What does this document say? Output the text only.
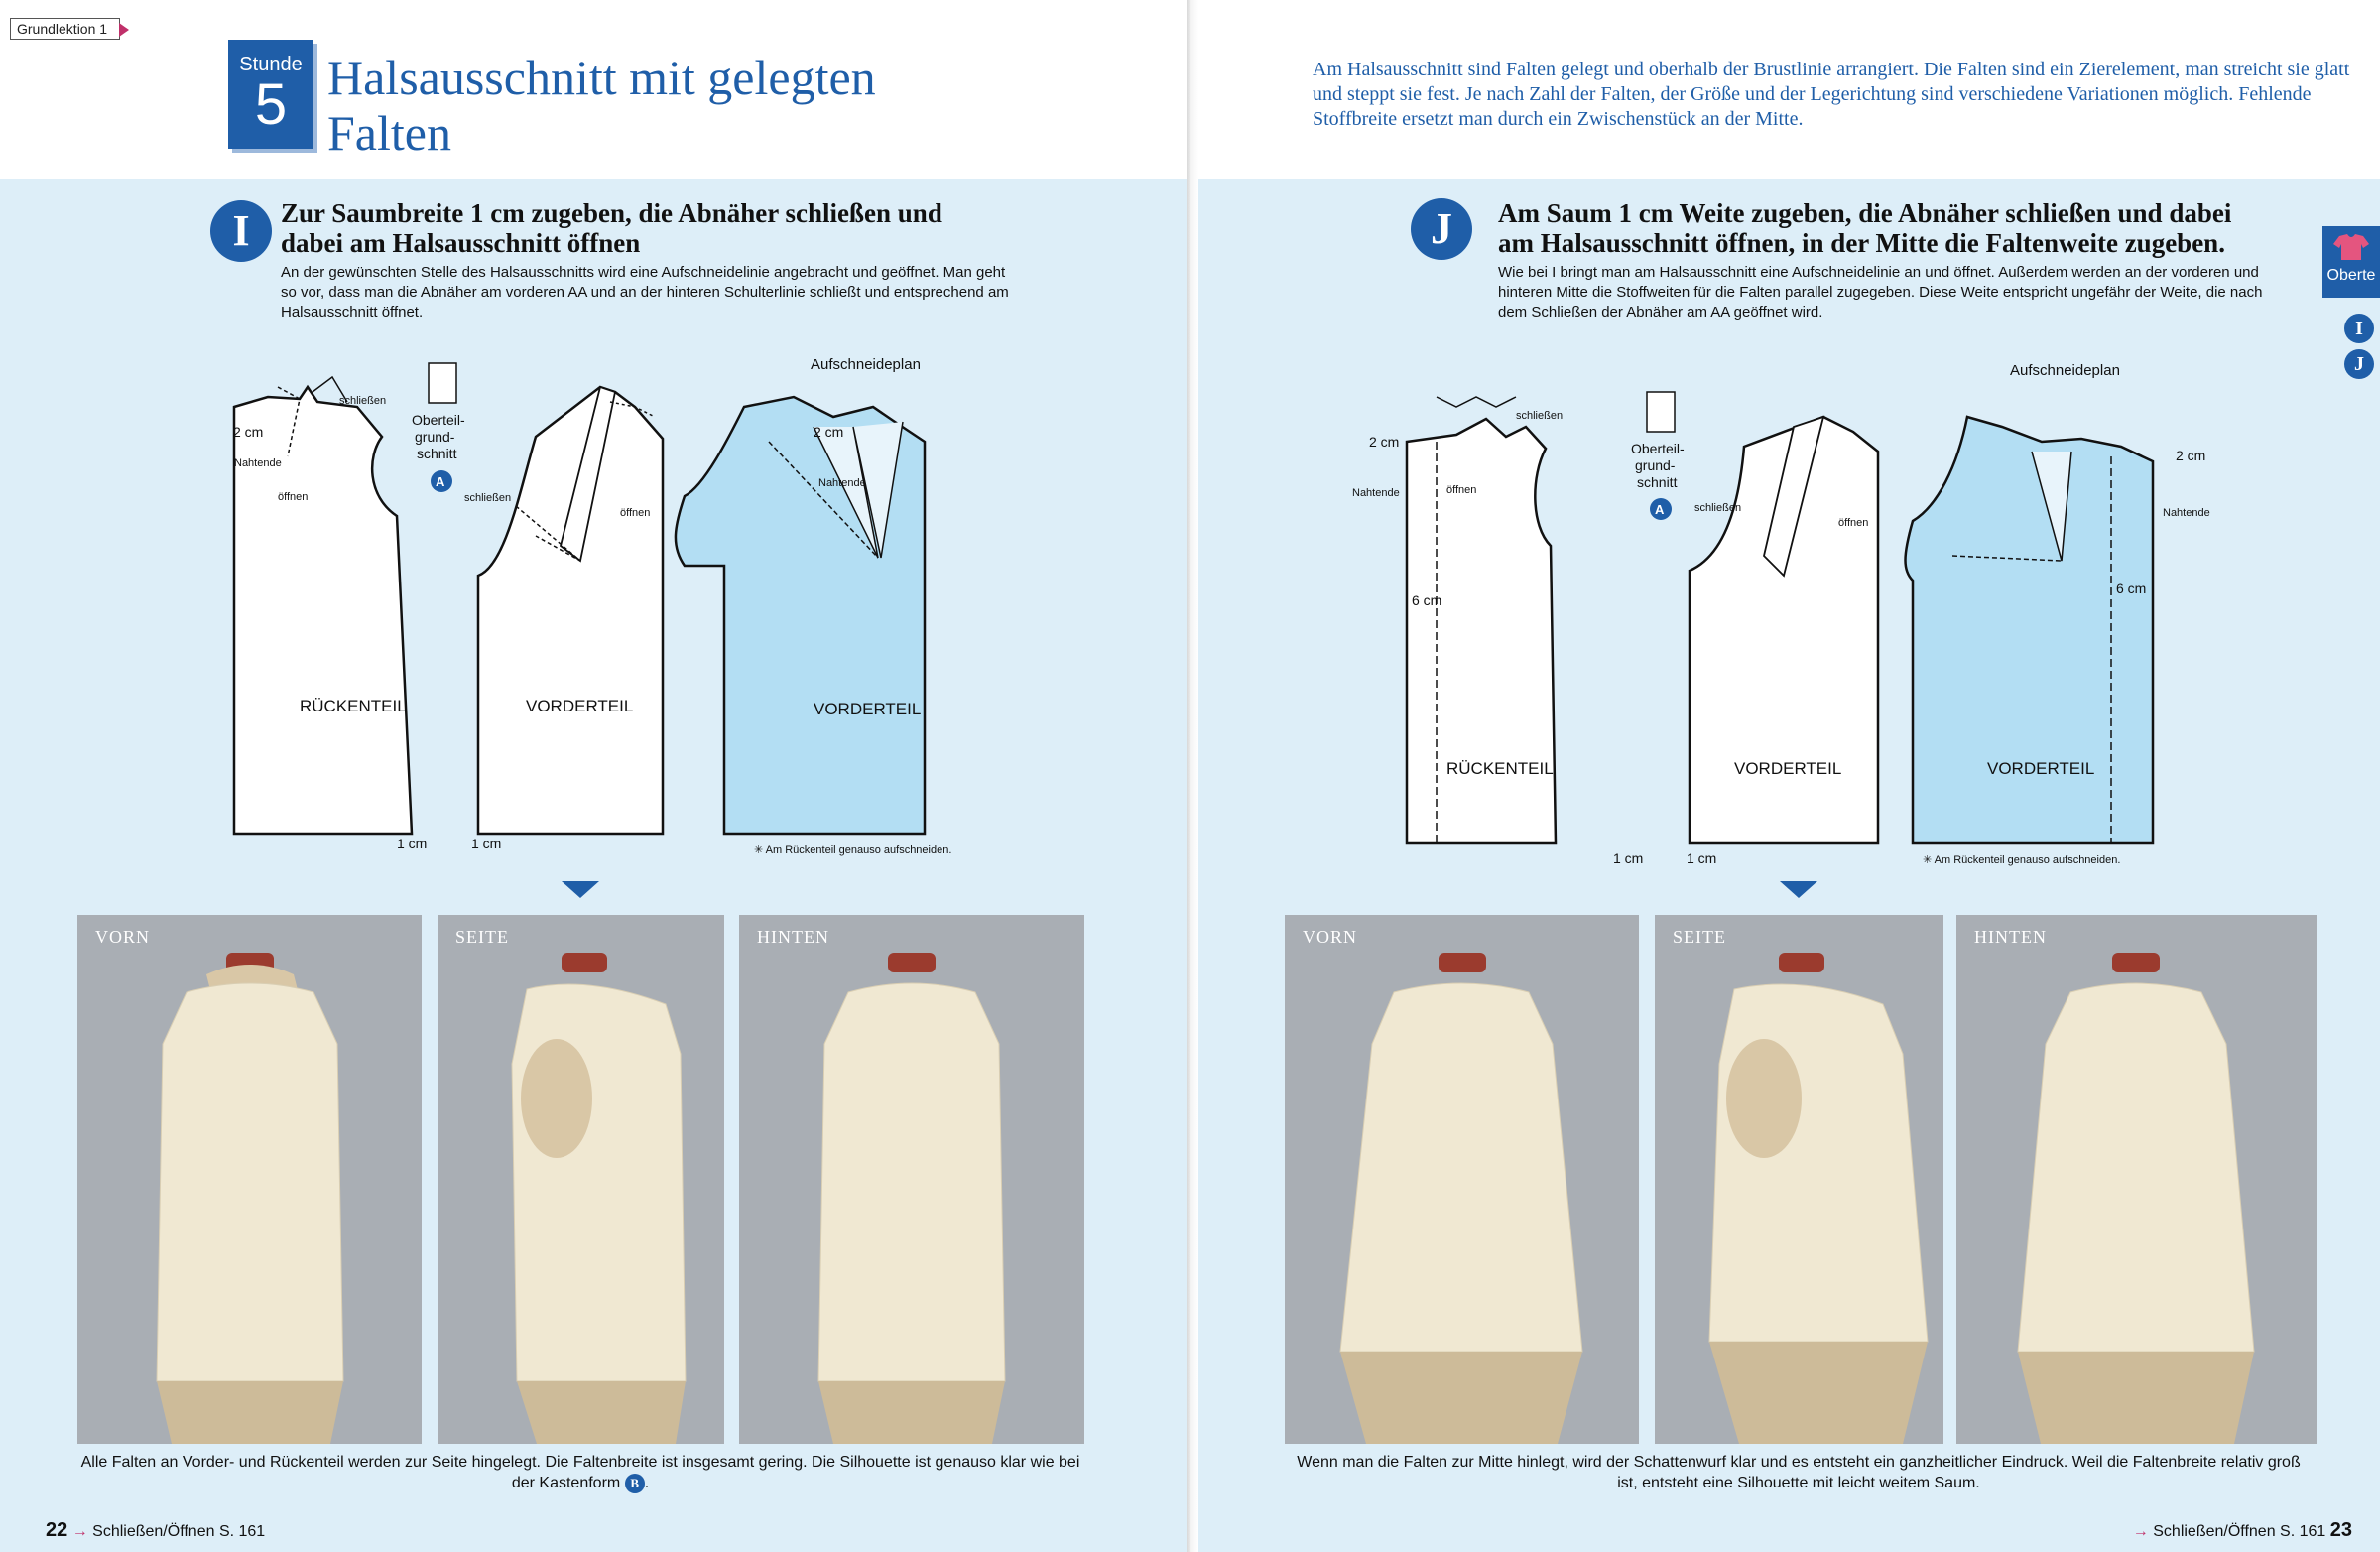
Grundlektion 1
Stunde
5 Halsausschnitt mit gelegten Falten
I	Zur Saumbreite 1 cm zugeben, die Abnäher schließen und dabei am Halsausschnitt öffnen
An der gewünschten Stelle des Halsausschnitts wird eine Aufschneidelinie angebracht und geöffnet. Man geht so vor, dass man die Abnäher am vorderen AA und an der hinteren Schulterlinie schließt und entsprechend am Halsausschnitt öffnet.
RÜCKENTEIL
schließen
2 cm
Nahtende
öffnen
1 cm
Oberteil-
grund-
schnitt
A
VORDERTEIL
schließen
öffnen
1 cm
Aufschneideplan
VORDERTEIL
2 cm
Nahtende
✳ Am Rückenteil genauso aufschneiden.
VORN	SEITE	HINTEN
Alle Falten an Vorder- und Rückenteil werden zur Seite hingelegt. Die Faltenbreite ist insgesamt gering. Die Silhouette ist genauso klar wie bei der Kastenform B .
22 → Schließen/Öffnen S. 161
Am Halsausschnitt sind Falten gelegt und oberhalb der Brustlinie arrangiert. Die Falten sind ein Zierelement, man streicht sie glatt und steppt sie fest. Je nach Zahl der Falten, der Größe und der Legerichtung sind verschiedene Variationen möglich. Fehlende Stoffbreite ersetzt man durch ein Zwischenstück an der Mitte.
J	Am Saum 1 cm Weite zugeben, die Abnäher schließen und dabei am Halsausschnitt öffnen, in der Mitte die Faltenweite zugeben.
Wie bei I bringt man am Halsausschnitt eine Aufschneidelinie an und öffnet. Außerdem werden an der vorderen und hinteren Mitte die Stoffweiten für die Falten parallel zugegeben. Diese Weite entspricht ungefähr der Weite, die nach dem Schließen der Abnäher am AA geöffnet wird.
RÜCKENTEIL
schließen
2 cm
Nahtende	öffnen
6 cm
1 cm
Oberteil-
grund-
schnitt
A
VORDERTEIL
schließen
öffnen
1 cm
Aufschneideplan
VORDERTEIL
2 cm
Nahtende
6 cm
✳ Am Rückenteil genauso aufschneiden.
VORN	SEITE	HINTEN
Wenn man die Falten zur Mitte hinlegt, wird der Schattenwurf klar und es entsteht ein ganzheitlicher Eindruck. Weil die Faltenbreite relativ groß ist, entsteht eine Silhouette mit leicht weitem Saum.
→ Schließen/Öffnen S. 161 23
Oberte
I
J
